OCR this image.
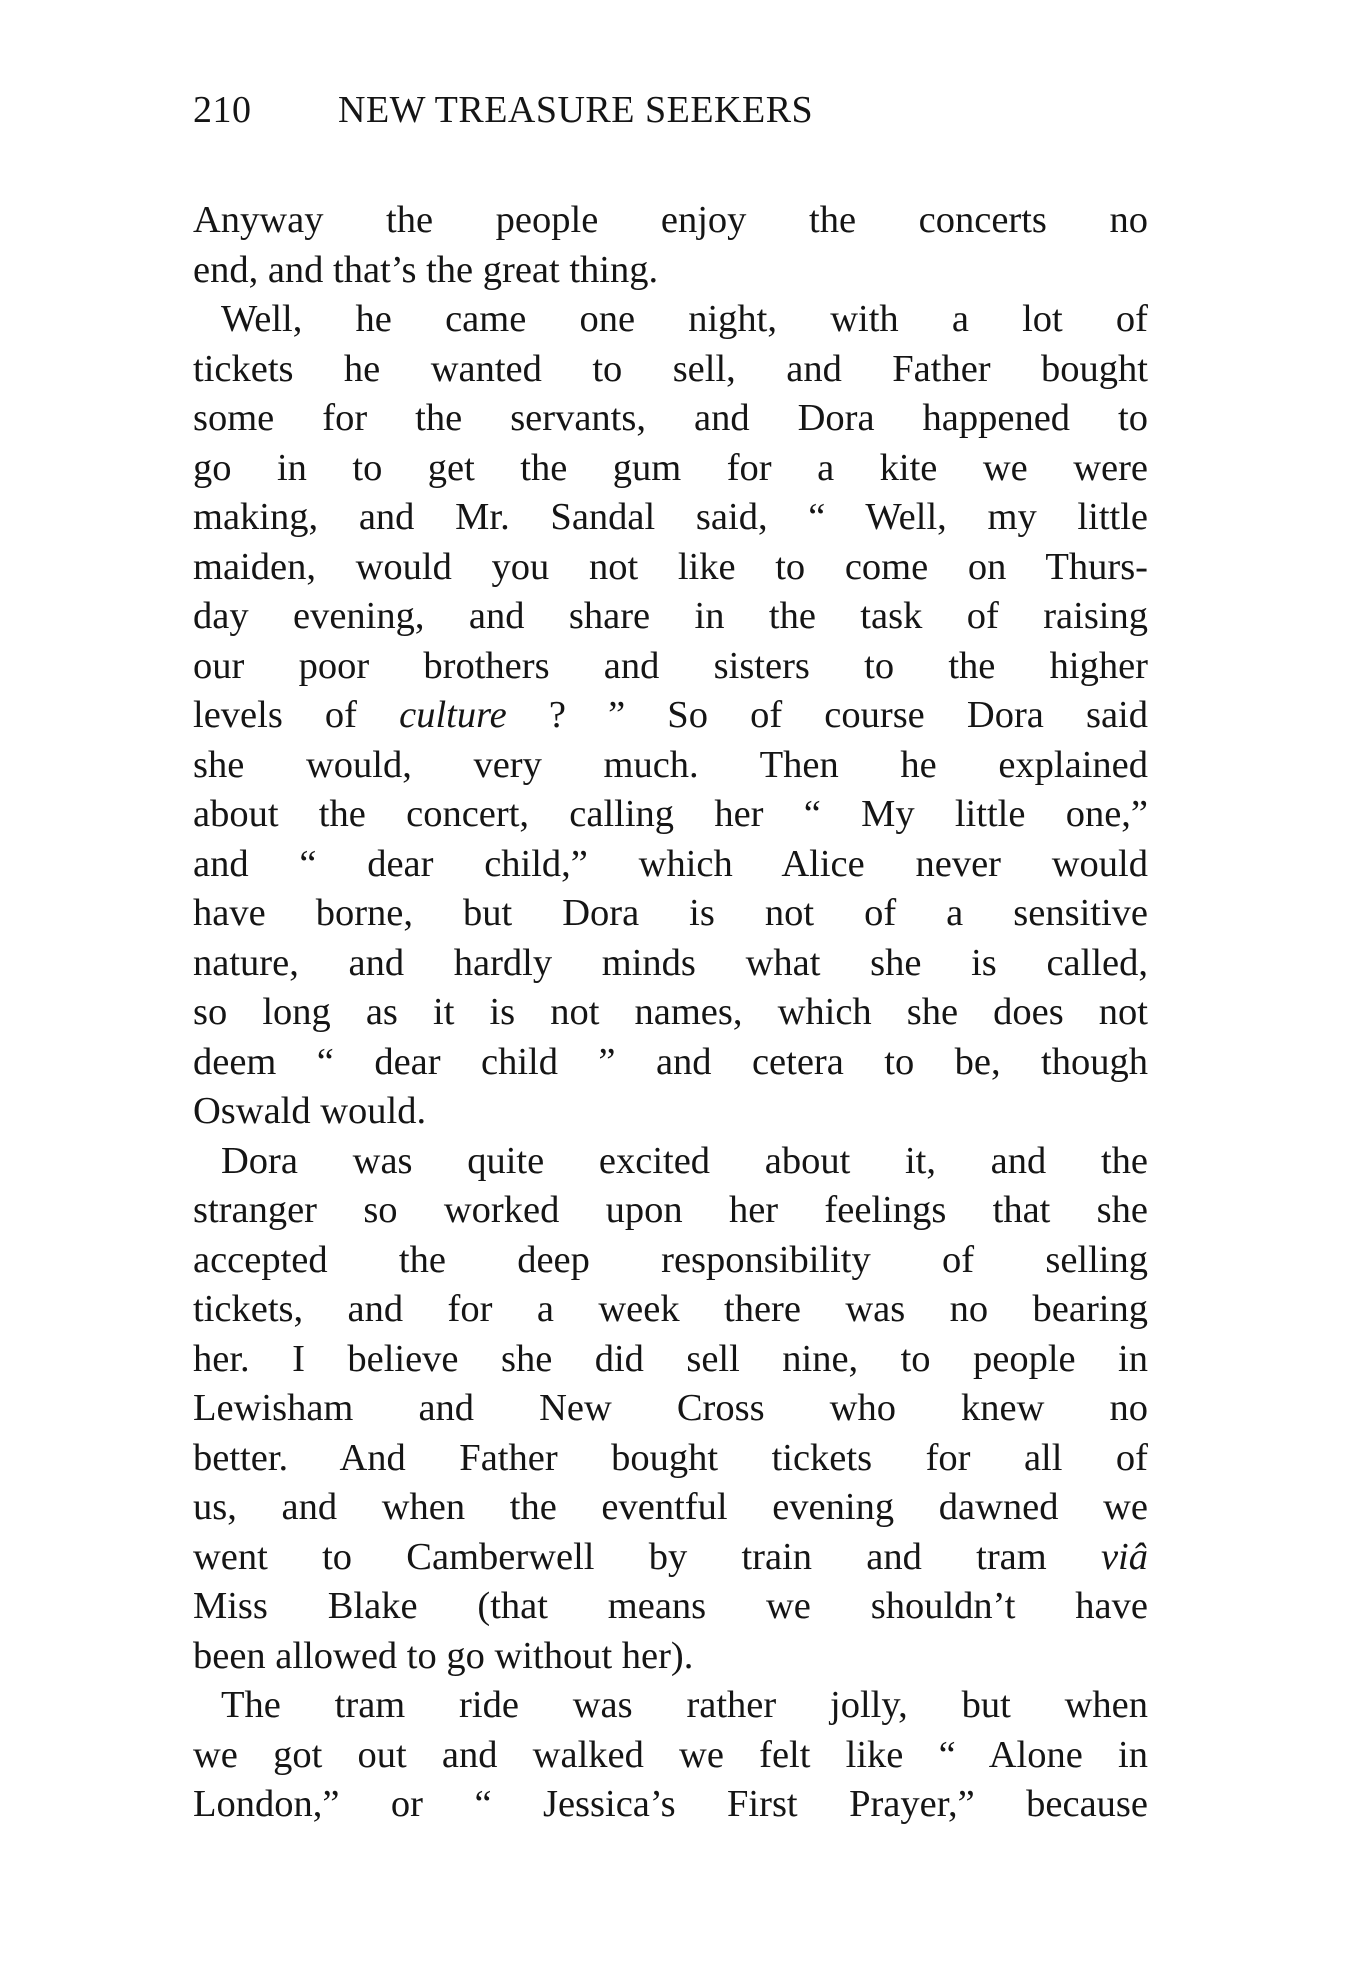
210 NEW TREASURE SEEKERS
Anyway the people enjoy the concerts no
end, and that’s the great thing.
Well, he came one night, with a lot of
tickets he wanted to sell, and Father bought
some for the servants, and Dora happened to
go in to get the gum for a kite we were
making, and Mr. Sandal said, “ Well, my little
maiden, would you not like to come on Thurs-
day evening, and share in the task of raising
our poor brothers and sisters to the higher
levels of culture ? ” So of course Dora said
she would, very much. Then he explained
about the concert, calling her “ My little one,”
and “ dear child,” which Alice never would
have borne, but Dora is not of a sensitive
nature, and hardly minds what she is called,
so long as it is not names, which she does not
deem “ dear child ” and cetera to be, though
Oswald would.
Dora was quite excited about it, and the
stranger so worked upon her feelings that she
accepted the deep responsibility of selling
tickets, and for a week there was no bearing
her. I believe she did sell nine, to people in
Lewisham and New Cross who knew no
better. And Father bought tickets for all of
us, and when the eventful evening dawned we
went to Camberwell by train and tram viâ
Miss Blake (that means we shouldn’t have
been allowed to go without her).
The tram ride was rather jolly, but when
we got out and walked we felt like “ Alone in
London,” or “ Jessica’s First Prayer,” because
